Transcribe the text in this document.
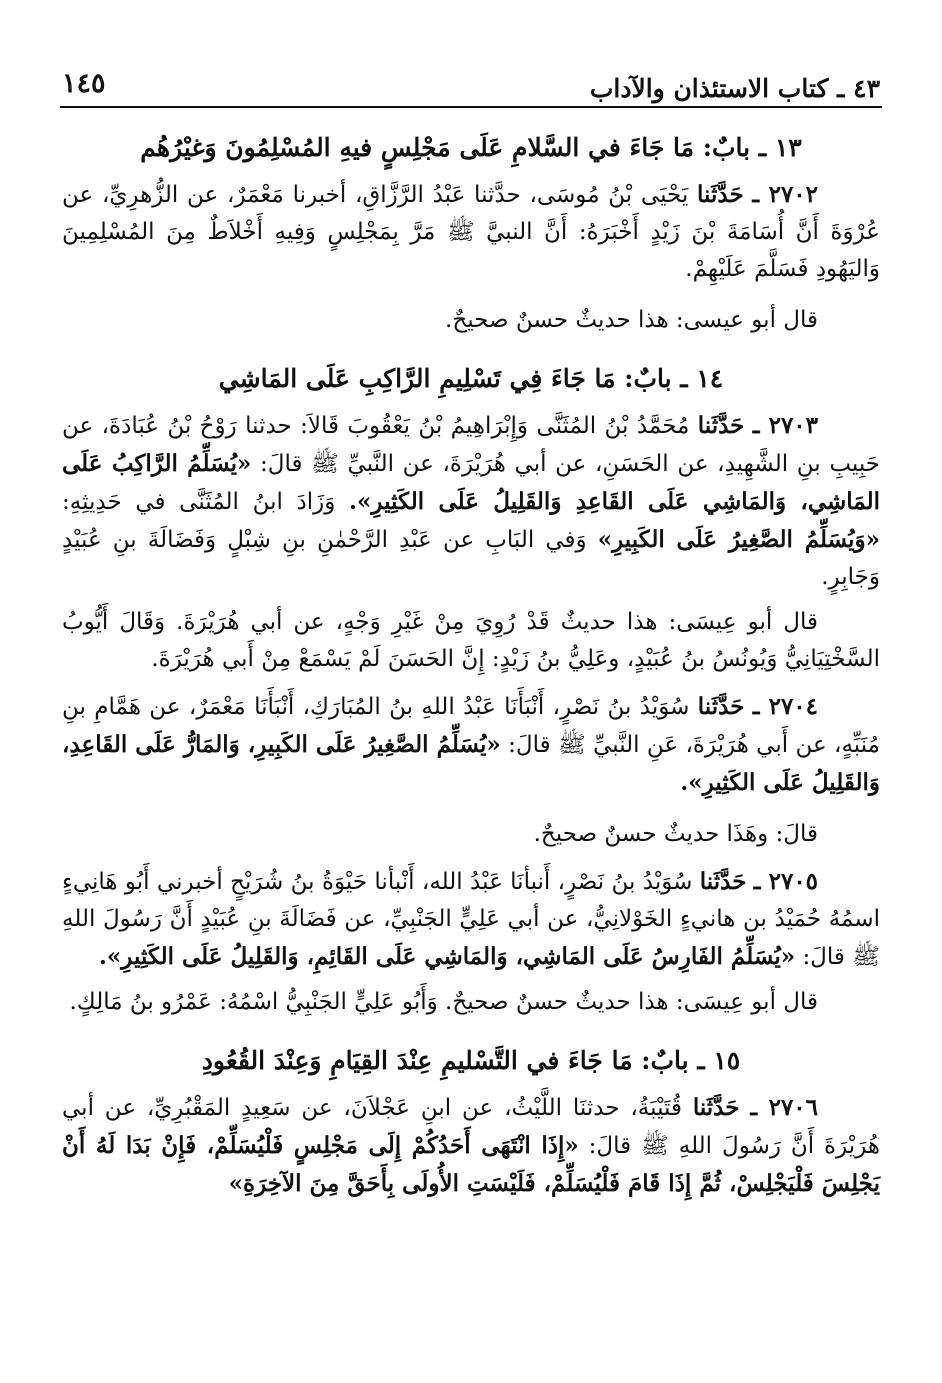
٤٣ ـ كتاب الاستئذان والآداب
١٤٥
١٣ ـ بابٌ: مَا جَاءَ في السَّلامِ عَلَى مَجْلِسٍ فيهِ المُسْلِمُونَ وَغيْرُهُم

٢٧٠٢ ـ حَدَّثَنا يَحْيَى بْنُ مُوسَى، حدَّثنا عَبْدُ الرَّزَّاقِ، أخبرنا مَعْمَرٌ، عن الزُّهرِيِّ، عن عُرْوَةَ أَنَّ أُسَامَةَ بْنَ زَيْدٍ أَخْبَرَهُ: أَنَّ النبيَّ ﷺ مَرَّ بِمَجْلِسٍ وَفِيهِ أَخْلاَطٌ مِنَ المُسْلِمِينَ وَاليَهُودِ فَسَلَّمَ عَلَيْهِمْ.

قال أبو عيسى: هذا حديثٌ حسنٌ صحيحٌ.

١٤ ـ بابٌ: مَا جَاءَ فِي تَسْلِيمِ الرَّاكِبِ عَلَى المَاشِي

٢٧٠٣ ـ حَدَّثَنا مُحَمَّدُ بْنُ المُثَنَّى وَإِبْرَاهِيمُ بْنُ يَعْقُوبَ قَالاَ: حدثنا رَوْحُ بْنُ عُبَادَةَ، عن حَبِيبِ بنِ الشَّهِيدِ، عن الحَسَنِ، عن أبي هُرَيْرَةَ، عن النَّبيِّ ﷺ قالَ: «يُسَلِّمُ الرَّاكِبُ عَلَى المَاشِي، وَالمَاشِي عَلَى القَاعِدِ وَالقَلِيلُ عَلَى الكَثِيرِ». وَزَادَ ابنُ المُثَنَّى في حَدِيثِهِ: «وَيُسَلِّمُ الصَّغِيرُ عَلَى الكَبِيرِ» وَفي البَابِ عن عَبْدِ الرَّحْمٰنِ بنِ شِبْلٍ وَفَضَالَةَ بنِ عُبَيْدٍ وَجَابِرٍ.

قال أبو عِيسَى: هذا حديثٌ قَدْ رُوِيَ مِنْ غَيْرِ وَجْهٍ، عن أبي هُرَيْرَةَ. وَقَالَ أَيُّوبُ السَّخْتِيَانِيُّ وَيُونُسُ بنُ عُبَيْدٍ، وعَلِيُّ بنُ زَيْدٍ: إِنَّ الحَسَنَ لَمْ يَسْمَعْ مِنْ أَبي هُرَيْرَةَ.

٢٧٠٤ ـ حَدَّثَنا سُوَيْدُ بنُ نَصْرٍ، أَنْبَأَنَا عَبْدُ اللهِ بنُ المُبَارَكِ، أَنْبَأَنَا مَعْمَرٌ، عن هَمَّامِ بنِ مُنَبِّهٍ، عن أَبي هُرَيْرَةَ، عَنِ النَّبيِّ ﷺ قالَ: «يُسَلِّمُ الصَّغِيرُ عَلَى الكَبِيرِ، وَالمَارُّ عَلَى القَاعِدِ، وَالقَلِيلُ عَلَى الكَثِيرِ».

قالَ: وهَذَا حديثٌ حسنٌ صحيحٌ.

٢٧٠٥ ـ حَدَّثَنا سُوَيْدُ بنُ نَصْرٍ، أَنبأنَا عَبْدُ الله، أَنْبأنا حَيْوَةُ بنُ شُرَيْحٍ أخبرني أَبُو هَانِيءٍ اسمُهُ حُمَيْدُ بن هانيءٍ الخَوْلانِيُّ، عن أبي عَلِيٍّ الجَنْبِيِّ، عن فَضَالَةَ بنِ عُبَيْدٍ أَنَّ رَسُولَ اللهِ ﷺ قالَ: «يُسَلِّمُ الفَارِسُ عَلَى المَاشِي، وَالمَاشِي عَلَى القَائِمِ، وَالقَلِيلُ عَلَى الكَثِيرِ».

قال أبو عِيسَى: هذا حديثٌ حسنٌ صحيحٌ. وَأَبُو عَلِيٍّ الجَنْبِيُّ اسْمُهُ: عَمْرُو بنُ مَالِكٍ.

١٥ ـ بابٌ: مَا جَاءَ في التَّسْليمِ عِنْدَ القِيَامِ وَعِنْدَ القُعُودِ

٢٧٠٦ ـ حَدَّثَنا قُتَيْبَةُ، حدثنَا اللَّيْثُ، عن ابنِ عَجْلاَنَ، عن سَعِيدٍ المَقْبُرِيِّ، عن أبي هُرَيْرَةَ أَنَّ رَسُولَ اللهِ ﷺ قالَ: «إِذَا انْتَهَى أَحَدُكُمْ إِلَى مَجْلِسٍ فَلْيُسَلِّمْ، فَإِنْ بَدَا لَهُ أَنْ يَجْلِسَ فَلْيَجْلِسْ، ثُمَّ إِذَا قَامَ فَلْيُسَلِّمْ، فَلَيْسَتِ الأُولَى بِأَحَقَّ مِنَ الآخِرَةِ»
